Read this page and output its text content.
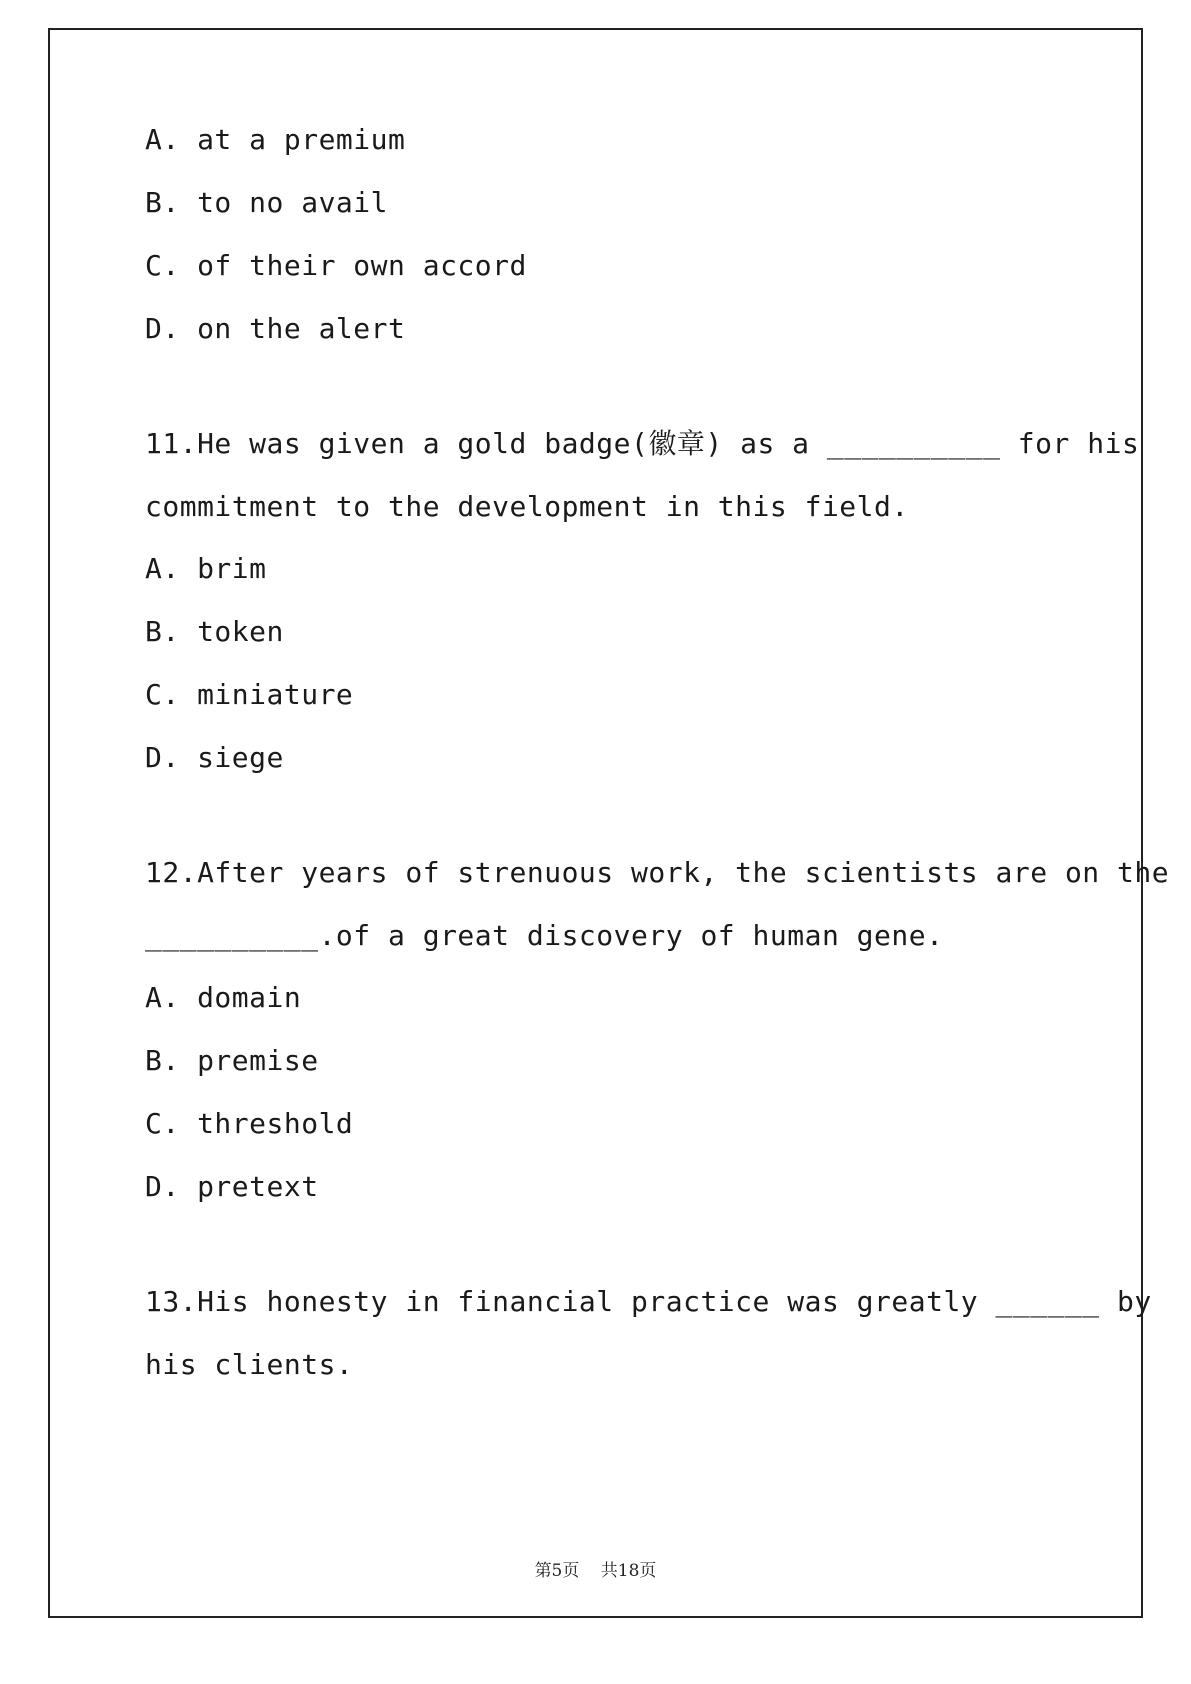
A. at a premium
B. to no avail
C. of their own accord
D. on the alert
11.He was given a gold badge(徽章) as a __________ for his
commitment to the development in this field.
A. brim
B. token
C. miniature
D. siege
12.After years of strenuous work, the scientists are on the
__________.of a great discovery of human gene.
A. domain
B. premise
C. threshold
D. pretext
13.His honesty in financial practice was greatly ______ by
his clients.
第5页 共18页
